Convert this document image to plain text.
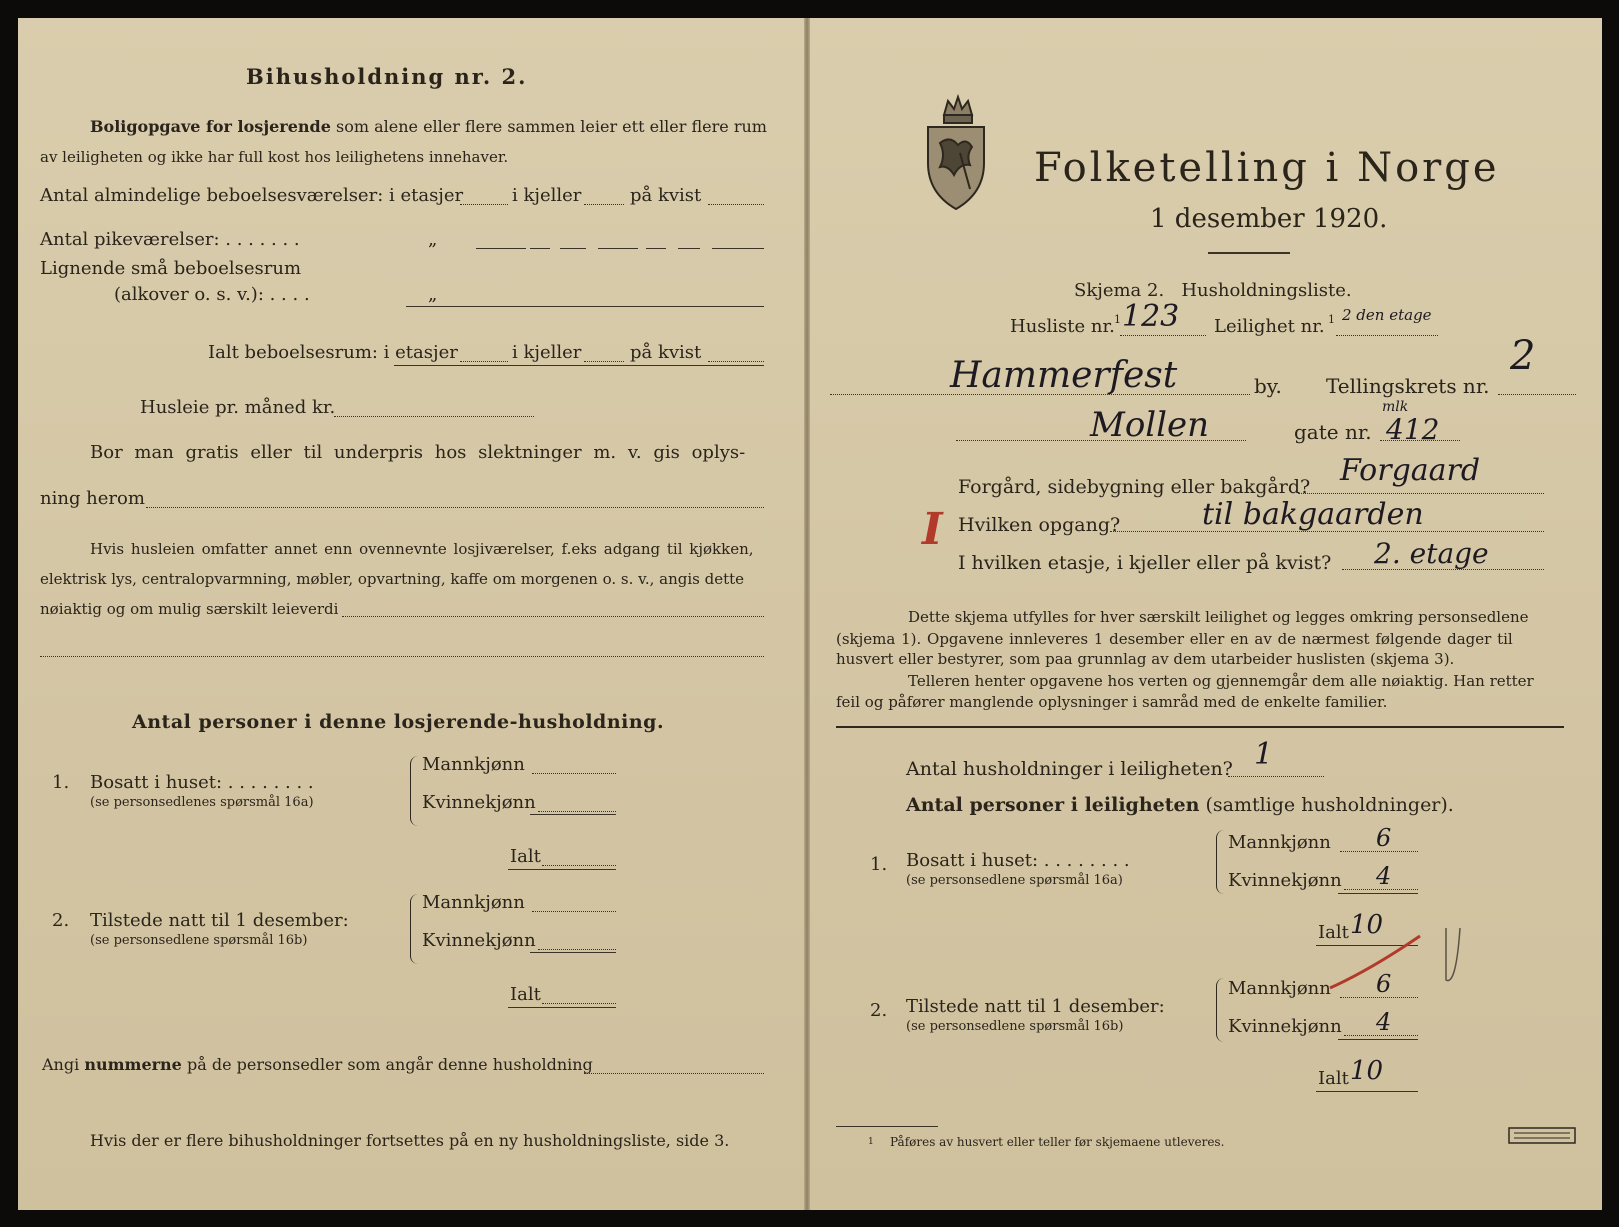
Bihusholdning nr. 2.
Boligopgave for losjerende som alene eller flere sammen leier ett eller flere rum
av leiligheten og ikke har full kost hos leilighetens innehaver.
Antal almindelige beboelsesværelser: i etasjer	i kjeller	på kvist
Antal pikeværelser: . . . . . . .	„
Lignende små beboelsesrum
(alkover o. s. v.): . . . .	„
Ialt beboelsesrum: i etasjer	i kjeller	på kvist
Husleie pr. måned kr.
Bor man gratis eller til underpris hos slektninger m. v. gis oplys-
ning herom
Hvis husleien omfatter annet enn ovennevnte losjiværelser, f.eks adgang til kjøkken,
elektrisk lys, centralopvarmning, møbler, opvartning, kaffe om morgenen o. s. v., angis dette
nøiaktig og om mulig særskilt leieverdi
Antal personer i denne losjerende-husholdning.
1. Bosatt i huset: . . . . . . . .
(se personsedlenes spørsmål 16a)
Mannkjønn
Kvinnekjønn
Ialt
2. Tilstede natt til 1 desember:
(se personsedlene spørsmål 16b)
Mannkjønn
Kvinnekjønn
Ialt
Angi nummerne på de personsedler som angår denne husholdning
Hvis der er flere bihusholdninger fortsettes på en ny husholdningsliste, side 3.
Folketelling i Norge
1 desember 1920.
Skjema 2.   Husholdningsliste.
Husliste nr. 1 123 Leilighet nr. 1 2 den etage
Hammerfest	by. Tellingskrets nr.
2
Mollen	gate nr.
mlk
412
Forgård, sidebygning eller bakgård? Forgaard
Hvilken opgang?	til bakgaarden
I
I hvilken etasje, i kjeller eller på kvist? 2. etage
Dette skjema utfylles for hver særskilt leilighet og legges omkring personsedlene
(skjema 1). Opgavene innleveres 1 desember eller en av de nærmest følgende dager til
husvert eller bestyrer, som paa grunnlag av dem utarbeider huslisten (skjema 3).
Telleren henter opgavene hos verten og gjennemgår dem alle nøiaktig. Han retter
feil og påfører manglende oplysninger i samråd med de enkelte familier.
Antal husholdninger i leiligheten? 1
Antal personer i leiligheten (samtlige husholdninger).
1. Bosatt i huset: . . . . . . . .
(se personsedlene spørsmål 16a)
Mannkjønn 6
Kvinnekjønn 4
Ialt 10
2. Tilstede natt til 1 desember:
(se personsedlene spørsmål 16b)
Mannkjønn 6
Kvinnekjønn 4
Ialt 10
1 Påføres av husvert eller teller før skjemaene utleveres.
